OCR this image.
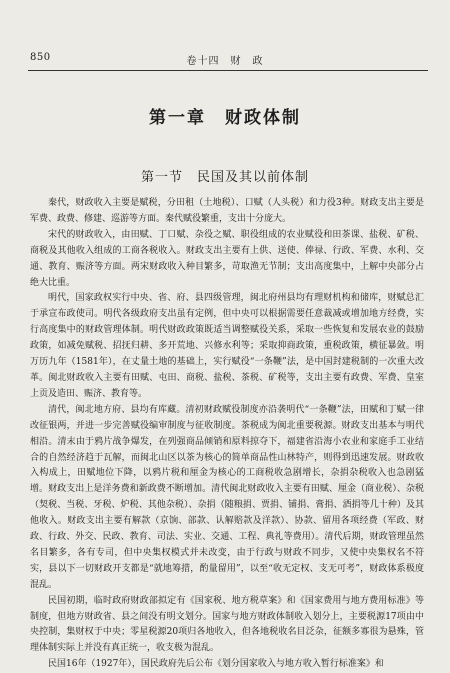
850	卷十四　财　政
第一章　财政体制
第一节　民国及其以前体制

秦代，财政收入主要是赋税，分田租（土地税）、口赋（人头税）和力役3种。财政支出主要是军费、政费、修建、巡游等方面。秦代赋役繁重，支出十分庞大。

宋代的财政收入，由田赋、丁口赋、杂役之赋、职役组成的农业赋役和田茶课、盐税、矿税、商税及其他收入组成的工商各税收入。财政支出主要有上供、送使、俸禄、行政、军费、水利、交通、教育、赈济等方面。两宋财政收入种目繁多，苛取渔无节制；支出高度集中，上解中央部分占绝大比重。

明代，国家政权实行中央、省、府、县四级管理，闽北府州县均有理财机构和储库，财赋总汇于承宣布政使司。明代各级政府支出虽有定例，但中央可以根据需要任意裁减或增加地方经费，实行高度集中的财政管理体制。明代财政政策既适当调整赋役关系，采取一些恢复和发展农业的鼓励政策，如减免赋税、招抚归耕、多开荒地、兴修水利等；采取抑商政策，重税政策，横征暴敛。明万历九年（1581年），在丈量土地的基础上，实行赋役“一条鞭”法，是中国封建税制的一次重大改革。闽北财政收入主要有田赋、屯田、商税、盐税、茶税、矿税等，支出主要有政费、军费、皇室上贡及造田、赈济、教育等。

清代，闽北地方府、县均有库藏。清初财政赋役制度亦沿袭明代“一条鞭”法，田赋和丁赋一律改征银两，并进一步完善赋役编审制度与征收制度。茶税成为闽北重要税源。财政支出基本与明代相沿。清末由于鸦片战争爆发，在列强商品倾销和原料掠夺下，福建省沿海小农业和家庭手工业结合的自然经济趋于瓦解，而闽北山区以茶为核心的简单商品性山林特产，则得到迅速发展。财政收入构成上，田赋地位下降，以鸦片税和厘金为核心的工商税收急剧增长，杂捐杂税收入也急剧猛增。财政支出上是洋务费和新政费不断增加。清代闽北财政收入主要有田赋、厘金（商业税）、杂税（契税、当税、牙税、炉税、其他杂税）、杂捐（随粮捐、贾捐、铺捐、膏捐、酒捐等几十种）及其他收入。财政支出主要有解款（京饷、部款、认解赔款及洋款）、协款、留用各项经费（军政、财政、行政、外交、民政、教育、司法、实业、交通、工程、典礼等费用）。清代后期，财政管理虽然名目繁多，各有专司，但中央集权模式并未改变，由于行政与财政不同步，又使中央集权名不符实，县以下一切财政开支都是“就地筹措，酌量留用”，以至“收无定权、支无可考”，财政体系极度混乱。

民国初期，临时政府财政部拟定有《国家税、地方税草案》和《国家费用与地方费用标准》等制度，但地方财政省、县之间没有明文划分。国家与地方财政体制收入划分上，主要税源17项由中央控制，集财权于中央；零星税源20项归各地收入，但各地税收名目泛杂，征额多寡很为悬殊，管理体制实际上并没有真正统一，收支极为混乱。

民国16年（1927年），国民政府先后公布《划分国家收入与地方收入暂行标准案》和
